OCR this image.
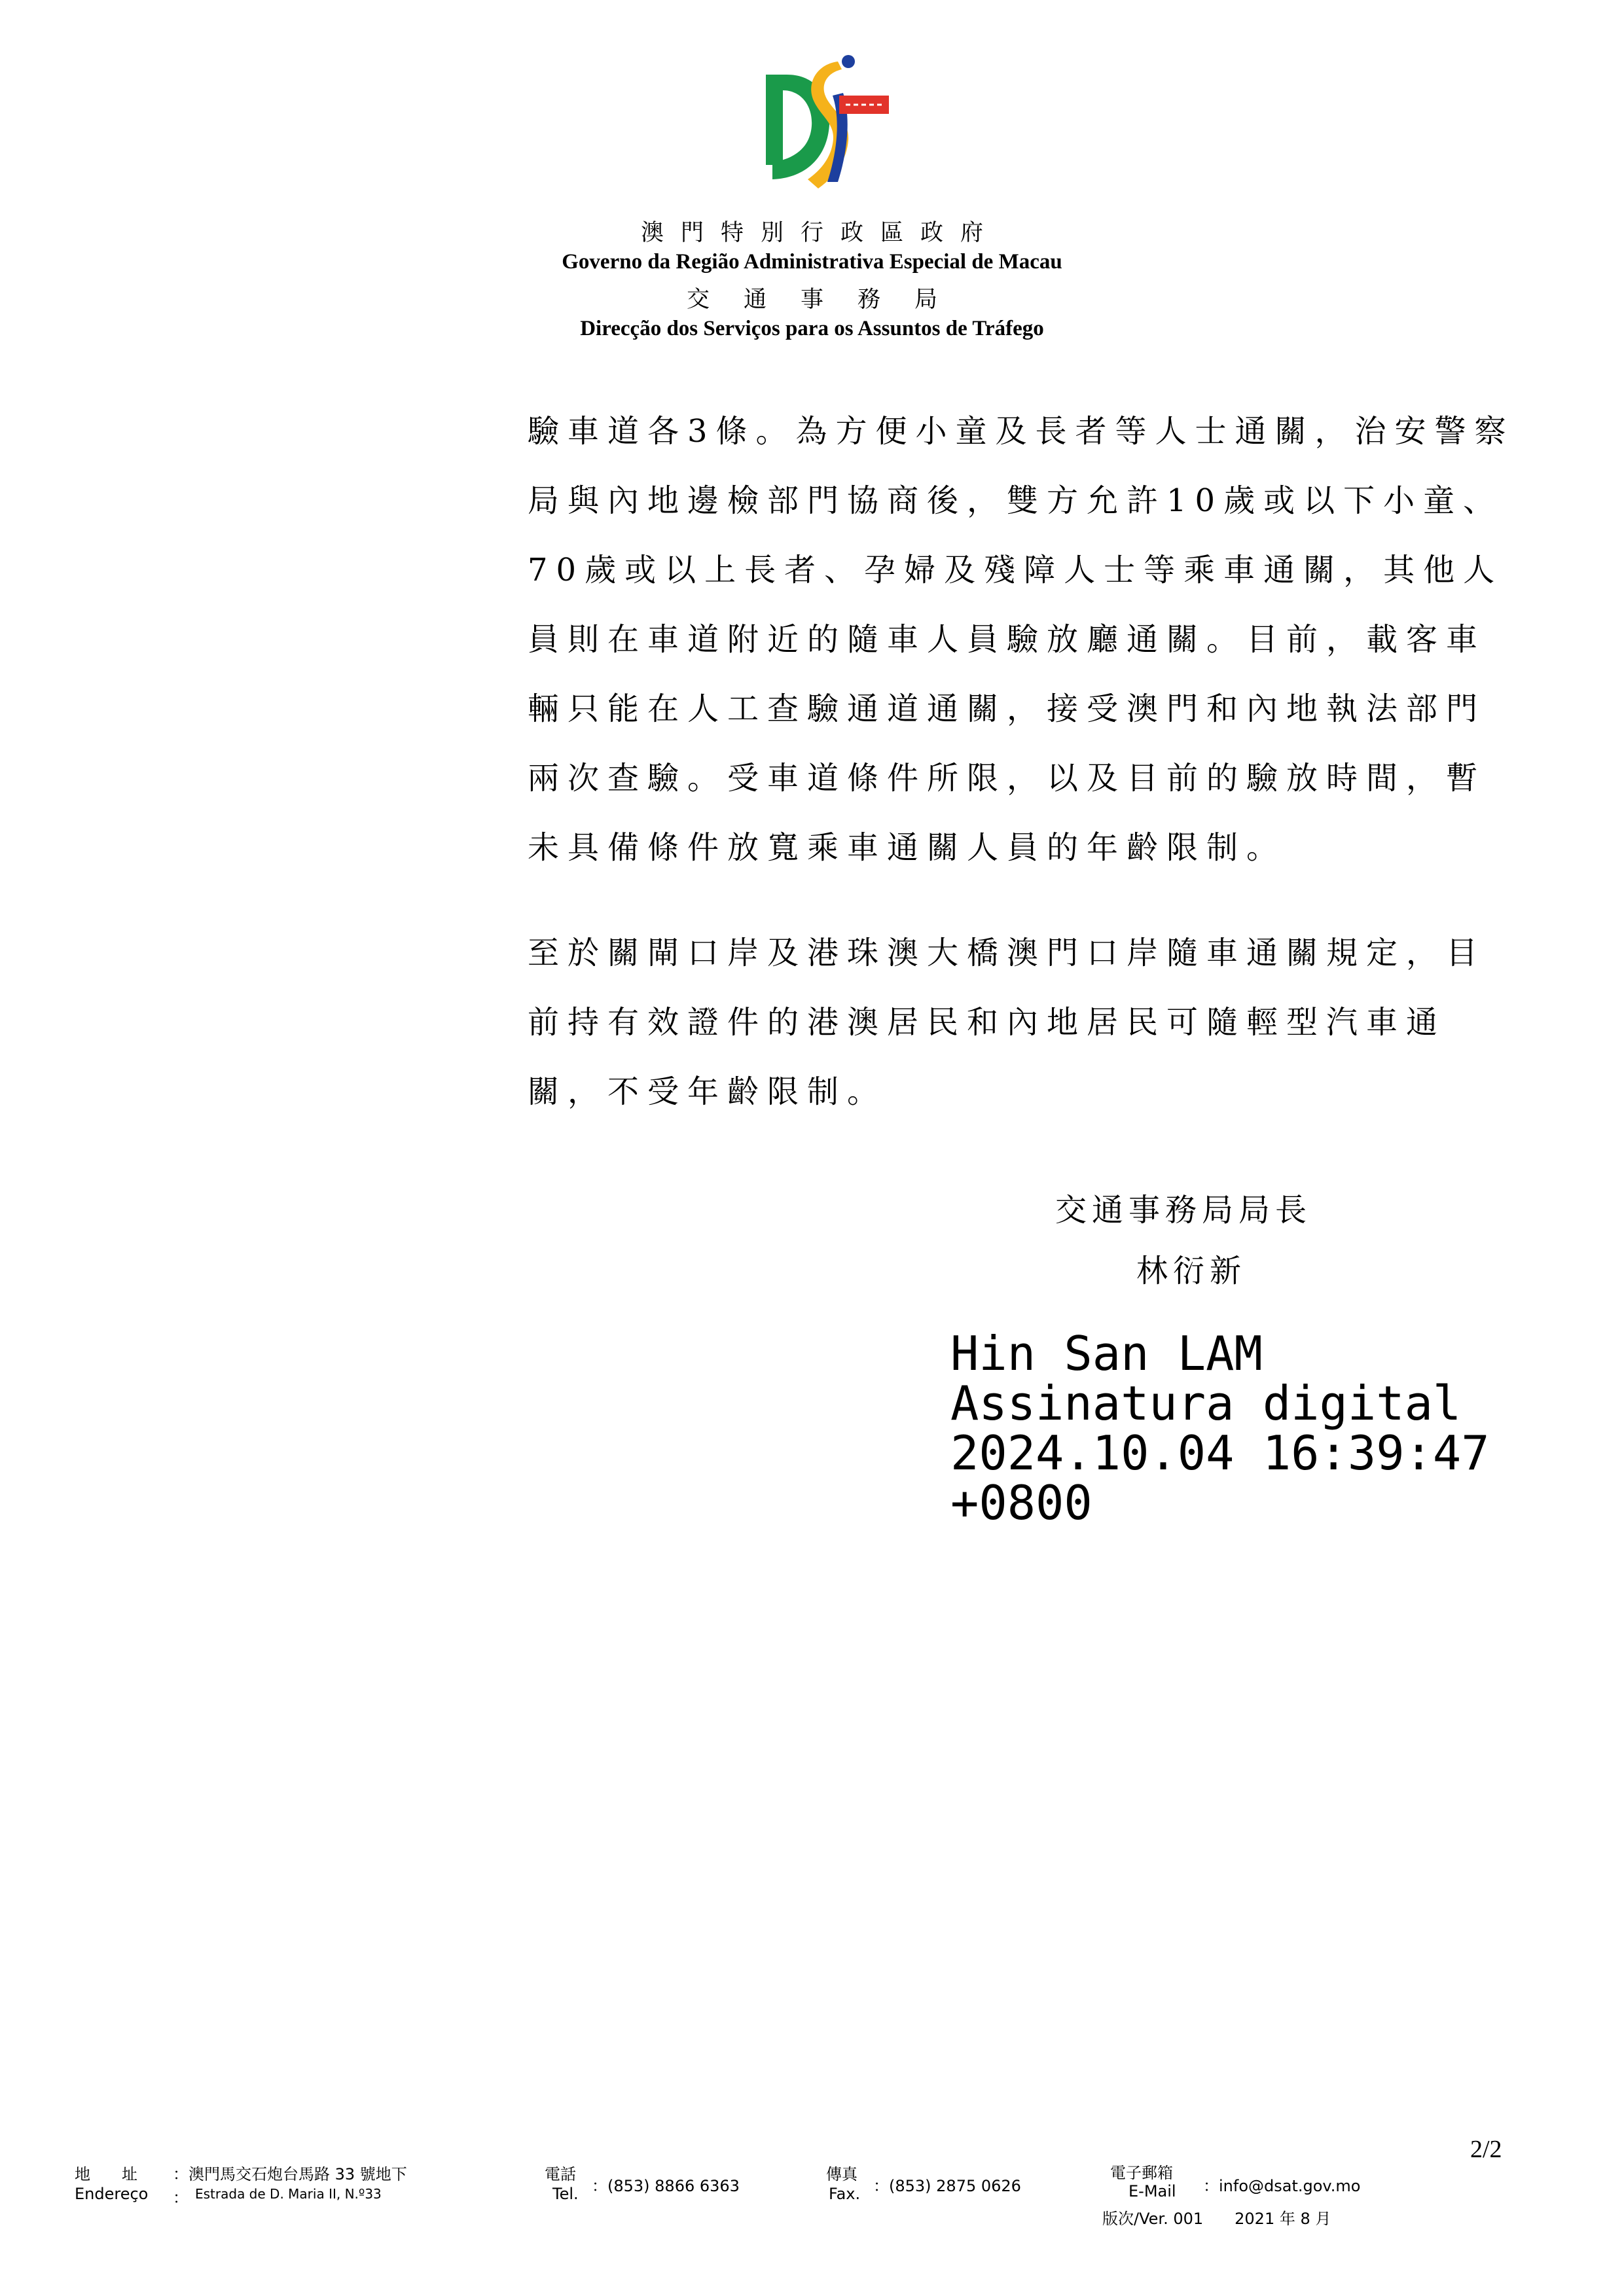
澳門特別行政區政府
Governo da Região Administrativa Especial de Macau
交通事務局
Direcção dos Serviços para os Assuntos de Tráfego
驗車道各3條。為方便小童及長者等人士通關，治安警察
局與內地邊檢部門協商後，雙方允許10歲或以下小童、
70歲或以上長者、孕婦及殘障人士等乘車通關，其他人
員則在車道附近的隨車人員驗放廳通關。目前，載客車
輛只能在人工查驗通道通關，接受澳門和內地執法部門
兩次查驗。受車道條件所限，以及目前的驗放時間，暫
未具備條件放寬乘車通關人員的年齡限制。
至於關閘口岸及港珠澳大橋澳門口岸隨車通關規定，目
前持有效證件的港澳居民和內地居民可隨輕型汽車通
關，不受年齡限制。
交通事務局局長
林衍新
Hin San LAM
Assinatura digital
2024.10.04 16:39:47
+0800
2/2
地　　址 ：澳門馬交石炮台馬路 33 號地下
Endereço ： Estrada de D. Maria II, N.º33
電話
Tel. ：(853) 8866 6363
傳真
Fax. ：(853) 2875 0626
電子郵箱
E-Mail ：info@dsat.gov.mo
版次/Ver. 001　　2021 年 8 月
